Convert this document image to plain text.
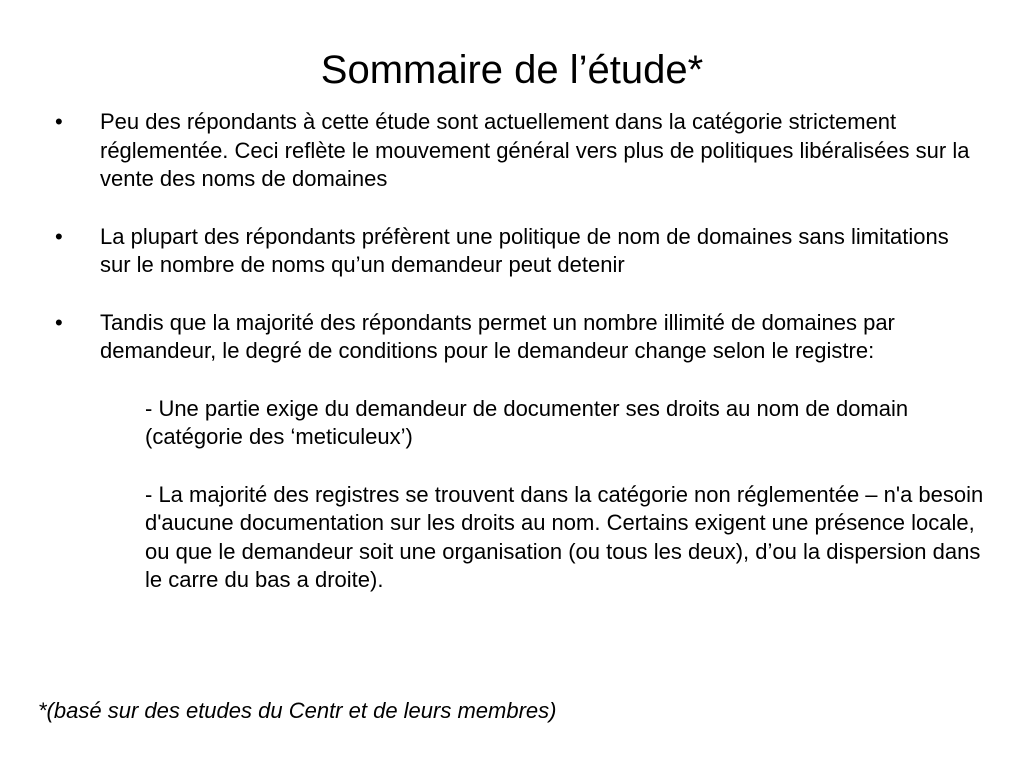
Sommaire de l’étude*
•	Peu des répondants à cette étude sont actuellement dans la catégorie strictement réglementée. Ceci reflète le mouvement général vers plus de politiques libéralisées sur la vente des noms de domaines
•	La plupart des répondants préfèrent une politique de nom de domaines sans limitations sur le nombre de noms qu’un demandeur peut detenir
•	Tandis que la majorité des répondants permet un nombre illimité de domaines par demandeur, le degré de conditions pour le demandeur change selon le registre:
- Une partie exige du demandeur de documenter ses droits au nom de domain (catégorie des ‘meticuleux’)
- La majorité des registres se trouvent dans la catégorie non réglementée – n'a besoin d'aucune documentation sur les droits au nom. Certains exigent une présence locale, ou que le demandeur soit une organisation (ou tous les deux), d’ou la dispersion dans le carre du bas a droite).
*(basé sur des etudes du Centr et de leurs membres)
